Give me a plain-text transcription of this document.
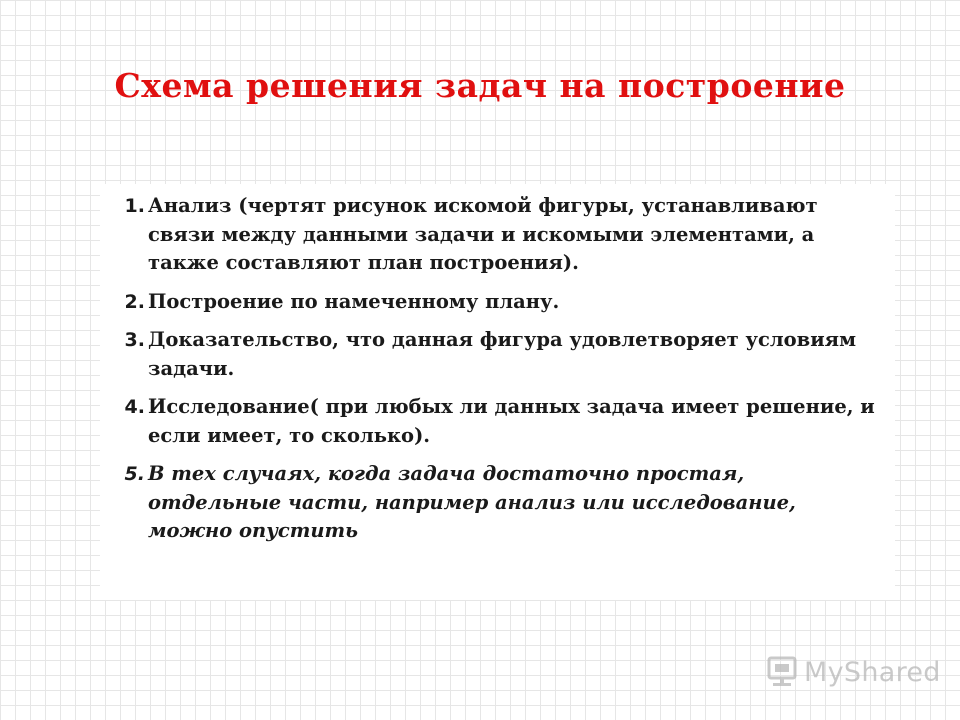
Схема решения задач на построение
1. Анализ (чертят рисунок искомой фигуры, устанавливают связи между данными задачи и искомыми элементами, а также составляют план построения).
2. Построение по намеченному плану.
3. Доказательство, что данная фигура удовлетворяет условиям задачи.
4. Исследование( при любых ли данных задача имеет решение, и если имеет, то сколько).
5. В тех случаях, когда задача достаточно простая, отдельные части, например анализ или исследование, можно опустить
MyShared
